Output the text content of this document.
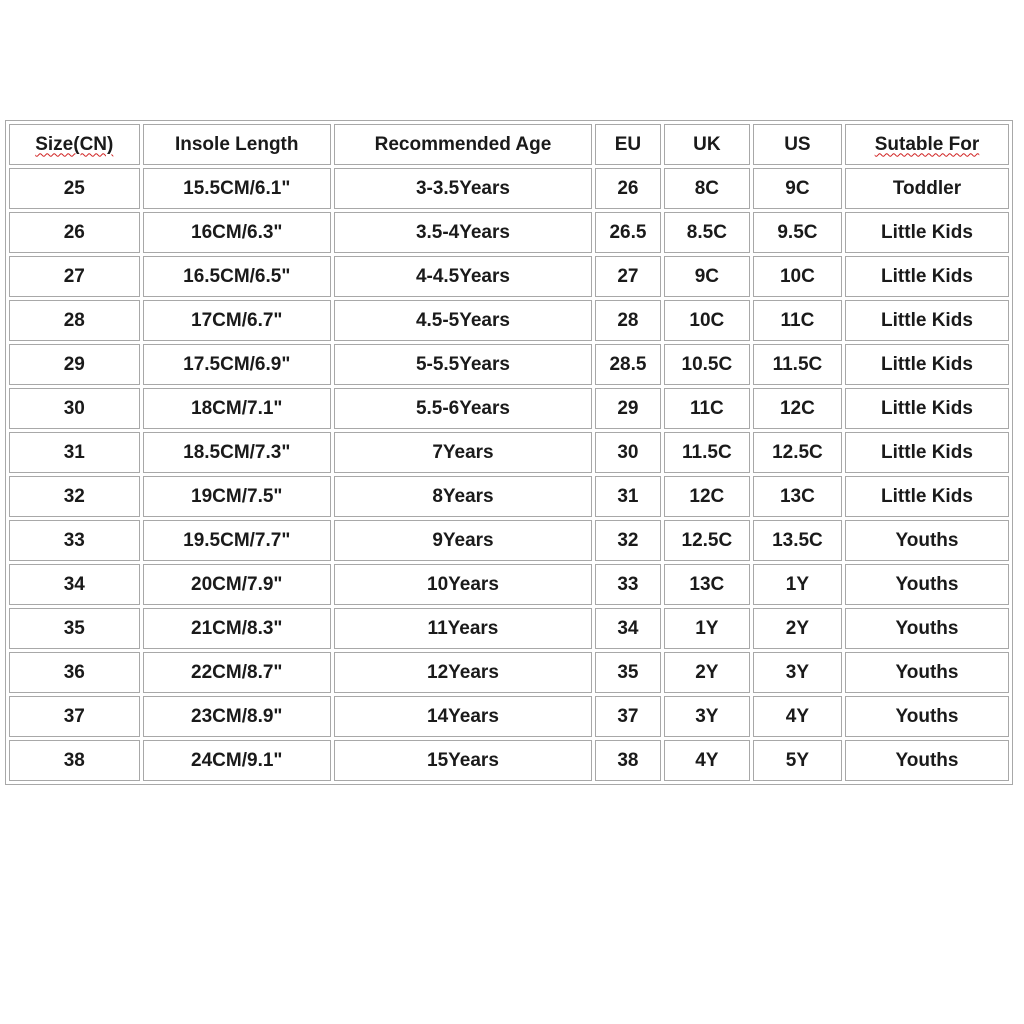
Size(CN)	Insole Length	Recommended Age	EU	UK	US	Sutable For
25	15.5CM/6.1"	3-3.5Years	26	8C	9C	Toddler
26	16CM/6.3"	3.5-4Years	26.5	8.5C	9.5C	Little Kids
27	16.5CM/6.5"	4-4.5Years	27	9C	10C	Little Kids
28	17CM/6.7"	4.5-5Years	28	10C	11C	Little Kids
29	17.5CM/6.9"	5-5.5Years	28.5	10.5C	11.5C	Little Kids
30	18CM/7.1"	5.5-6Years	29	11C	12C	Little Kids
31	18.5CM/7.3"	7Years	30	11.5C	12.5C	Little Kids
32	19CM/7.5"	8Years	31	12C	13C	Little Kids
33	19.5CM/7.7"	9Years	32	12.5C	13.5C	Youths
34	20CM/7.9"	10Years	33	13C	1Y	Youths
35	21CM/8.3"	11Years	34	1Y	2Y	Youths
36	22CM/8.7"	12Years	35	2Y	3Y	Youths
37	23CM/8.9"	14Years	37	3Y	4Y	Youths
38	24CM/9.1"	15Years	38	4Y	5Y	Youths
